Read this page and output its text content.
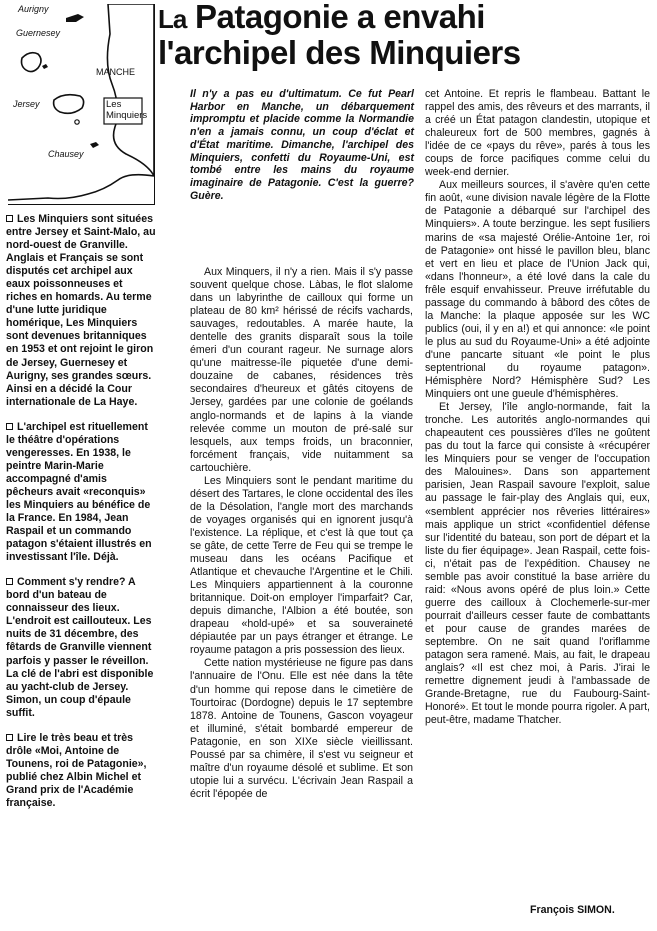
Aurigny
Guernesey
MANCHE
Jersey	Les Minquiers
Chausey
La Patagonie a envahi
l'archipel des Minquiers

Les Minquiers sont situées entre Jersey et Saint-Malo, au nord-ouest de Granville. Anglais et Français se sont disputés cet archipel aux eaux poissonneuses et riches en homards. Au terme d'une lutte juridique homérique, Les Minquiers sont devenues britanniques en 1953 et ont rejoint le giron de Jersey, Guernesey et Aurigny, ses grandes sœurs. Ainsi en a décidé la Cour internationale de La Haye.

L'archipel est rituellement le théâtre d'opérations vengeresses. En 1938, le peintre Marin-Marie accompagné d'amis pêcheurs avait «reconquis» les Minquiers au bénéfice de la France. En 1984, Jean Raspail et un commando patagon s'étaient illustrés en investissant l'île. Déjà.

Comment s'y rendre? A bord d'un bateau de connaisseur des lieux. L'endroit est caillouteux. Les nuits de 31 décembre, des fêtards de Granville viennent parfois y passer le réveillon. La clé de l'abri est disponible au yacht-club de Jersey. Simon, un coup d'épaule suffit.

Lire le très beau et très drôle «Moi, Antoine de Tounens, roi de Patagonie», publié chez Albin Michel et Grand prix de l'Académie française.

Il n'y a pas eu d'ultimatum. Ce fut Pearl Harbor en Manche, un débarquement impromptu et placide comme la Normandie n'en a jamais connu, un coup d'éclat et d'État maritime. Dimanche, l'archipel des Minquiers, confetti du Royaume-Uni, est tombé entre les mains du royaume imaginaire de Patagonie. C'est la guerre? Guère.

Aux Minquers, il n'y a rien. Mais il s'y passe souvent quelque chose. Làbas, le flot slalome dans un labyrinthe de cailloux qui forme un plateau de 80 km² hérissé de récifs vachards, sauvages, redoutables. A marée haute, la dentelle des granits disparaît sous la toile émeri d'un courant rageur. Ne surnage alors qu'une maitresse-île piquetée d'une demi-douzaine de cabanes, résidences très secondaires d'heureux et gâtés citoyens de Jersey, gardées par une colonie de goélands anglo-normands et de lapins à la viande relevée comme un mouton de pré-salé sur lesquels, aux temps froids, un braconnier, forcément français, vide nuitamment sa cartouchière.

Les Minquiers sont le pendant maritime du désert des Tartares, le clone occidental des îles de la Désolation, l'angle mort des marchands de voyages organisés qui en ignorent jusqu'à l'existence. La réplique, et c'est là que tout ça se gâte, de cette Terre de Feu qui se trempe le museau dans les océans Pacifique et Atlantique et chevauche l'Argentine et le Chili. Les Minquiers appartiennent à la couronne britannique. Doit-on employer l'imparfait? Car, depuis dimanche, l'Albion a été boutée, son drapeau «hold-upé» et sa souveraineté dépiautée par un pays étranger et étrange. Le royaume patagon a pris possession des lieux.

Cette nation mystérieuse ne figure pas dans l'annuaire de l'Onu. Elle est née dans la tête d'un homme qui repose dans le cimetière de Tourtoirac (Dordogne) depuis le 17 septembre 1878. Antoine de Tounens, Gascon voyageur et illuminé, s'était bombardé empereur de Patagonie, en son XIXe siècle vieillissant. Poussé par sa chimère, il s'est vu seigneur et maître d'un royaume désolé et sublime. Et son utopie lui a survécu. L'écrivain Jean Raspail a écrit l'épopée de

cet Antoine. Et repris le flambeau. Battant le rappel des amis, des rêveurs et des marrants, il a créé un État patagon clandestin, utopique et chaleureux fort de 500 membres, gagnés à l'idée de ce «pays du rêve», parés à tous les coups de force pacifiques comme celui du week-end dernier.

Aux meilleurs sources, il s'avère qu'en cette fin août, «une division navale légère de la Flotte de Patagonie a débarqué sur l'archipel des Minquiers». A toute berzingue. les sept fusiliers marins de «sa majesté Orélie-Antoine 1er, roi de Patagonie» ont hissé le pavillon bleu, blanc et vert en lieu et place de l'Union Jack qui, «dans l'honneur», a été lové dans la cale du frêle esquif envahisseur. Preuve irréfutable du passage du commando à bâbord des côtes de la Manche: la plaque apposée sur les WC publics (oui, il y en a!) et qui annonce: «le point le plus au sud du Royaume-Uni» a été adjointe d'une pancarte situant «le point le plus septentrional du royaume patagon». Hémisphère Nord? Hémisphère Sud? Les Minquiers ont une gueule d'hémisphères.

Et Jersey, l'île anglo-normande, fait la tronche. Les autorités anglo-normandes qui chapeautent ces poussières d'îles ne goûtent pas du tout la farce qui consiste à «récupérer les Minquiers pour se venger de l'occupation des Malouines». Dans son appartement parisien, Jean Raspail savoure l'exploit, salue au passage le fair-play des Anglais qui, eux, «semblent apprécier nos rêveries littéraires» mais applique un strict «confidentiel défense sur l'identité du bateau, son port de départ et la liste du fier équipage». Jean Raspail, cette fois-ci, n'était pas de l'expédition. Chausey ne semble pas avoir constitué la base arrière du raid: «Nous avons opéré de plus loin.» Cette guerre des cailloux à Clochemerle-sur-mer pourrait d'ailleurs cesser faute de combattants et pour cause de grandes marées de septembre. On ne sait quand l'oriflamme patagon sera ramené. Mais, au fait, le drapeau anglais? «Il est chez moi, à Paris. J'irai le remettre dignement jeudi à l'ambassade de Grande-Bretagne, rue du Faubourg-Saint-Honoré». Et tout le monde pourra rigoler. A part, peut-être, madame Thatcher.

François SIMON.
